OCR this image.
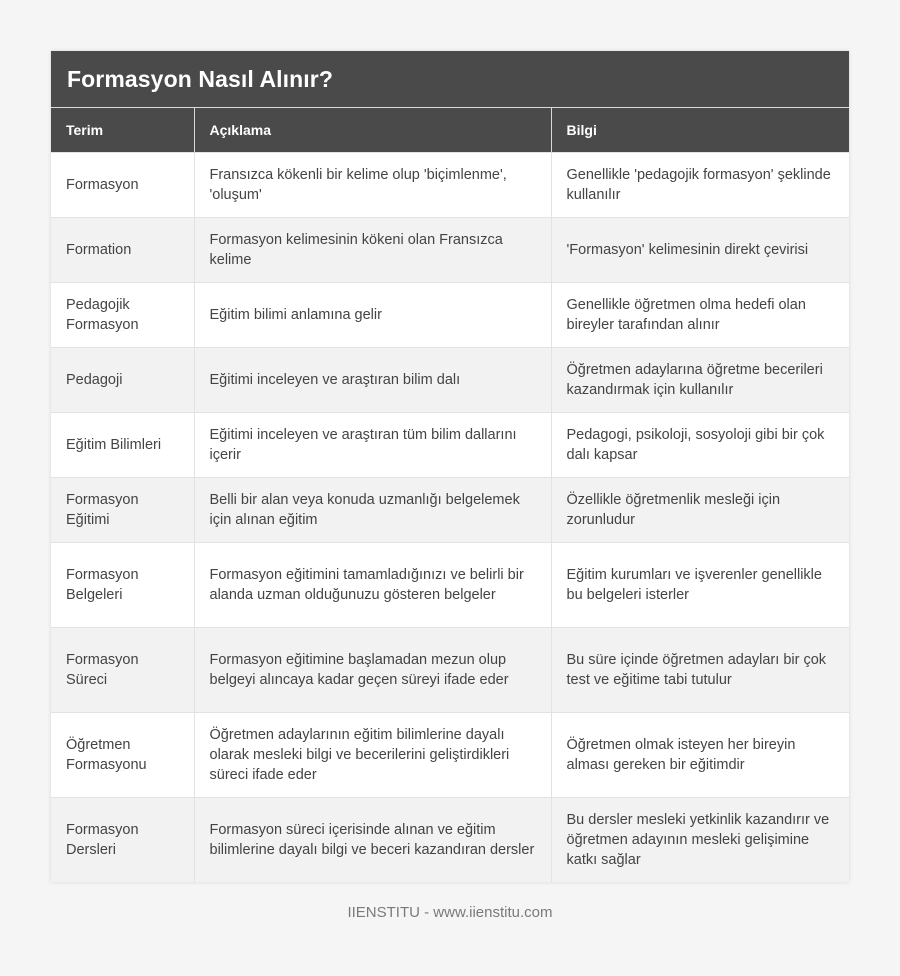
Formasyon Nasıl Alınır?
Terim	Açıklama	Bilgi
Formasyon	Fransızca kökenli bir kelime olup 'biçimlenme', 'oluşum'	Genellikle 'pedagojik formasyon' şeklinde kullanılır
Formation	Formasyon kelimesinin kökeni olan Fransızca kelime	'Formasyon' kelimesinin direkt çevirisi
Pedagojik Formasyon	Eğitim bilimi anlamına gelir	Genellikle öğretmen olma hedefi olan bireyler tarafından alınır
Pedagoji	Eğitimi inceleyen ve araştıran bilim dalı	Öğretmen adaylarına öğretme becerileri kazandırmak için kullanılır
Eğitim Bilimleri	Eğitimi inceleyen ve araştıran tüm bilim dallarını içerir	Pedagogi, psikoloji, sosyoloji gibi bir çok dalı kapsar
Formasyon Eğitimi	Belli bir alan veya konuda uzmanlığı belgelemek için alınan eğitim	Özellikle öğretmenlik mesleği için zorunludur
Formasyon Belgeleri	Formasyon eğitimini tamamladığınızı ve belirli bir alanda uzman olduğunuzu gösteren belgeler	Eğitim kurumları ve işverenler genellikle bu belgeleri isterler
Formasyon Süreci	Formasyon eğitimine başlamadan mezun olup belgeyi alıncaya kadar geçen süreyi ifade eder	Bu süre içinde öğretmen adayları bir çok test ve eğitime tabi tutulur
Öğretmen Formasyonu	Öğretmen adaylarının eğitim bilimlerine dayalı olarak mesleki bilgi ve becerilerini geliştirdikleri süreci ifade eder	Öğretmen olmak isteyen her bireyin alması gereken bir eğitimdir
Formasyon Dersleri	Formasyon süreci içerisinde alınan ve eğitim bilimlerine dayalı bilgi ve beceri kazandıran dersler	Bu dersler mesleki yetkinlik kazandırır ve öğretmen adayının mesleki gelişimine katkı sağlar
IIENSTITU - www.iienstitu.com
